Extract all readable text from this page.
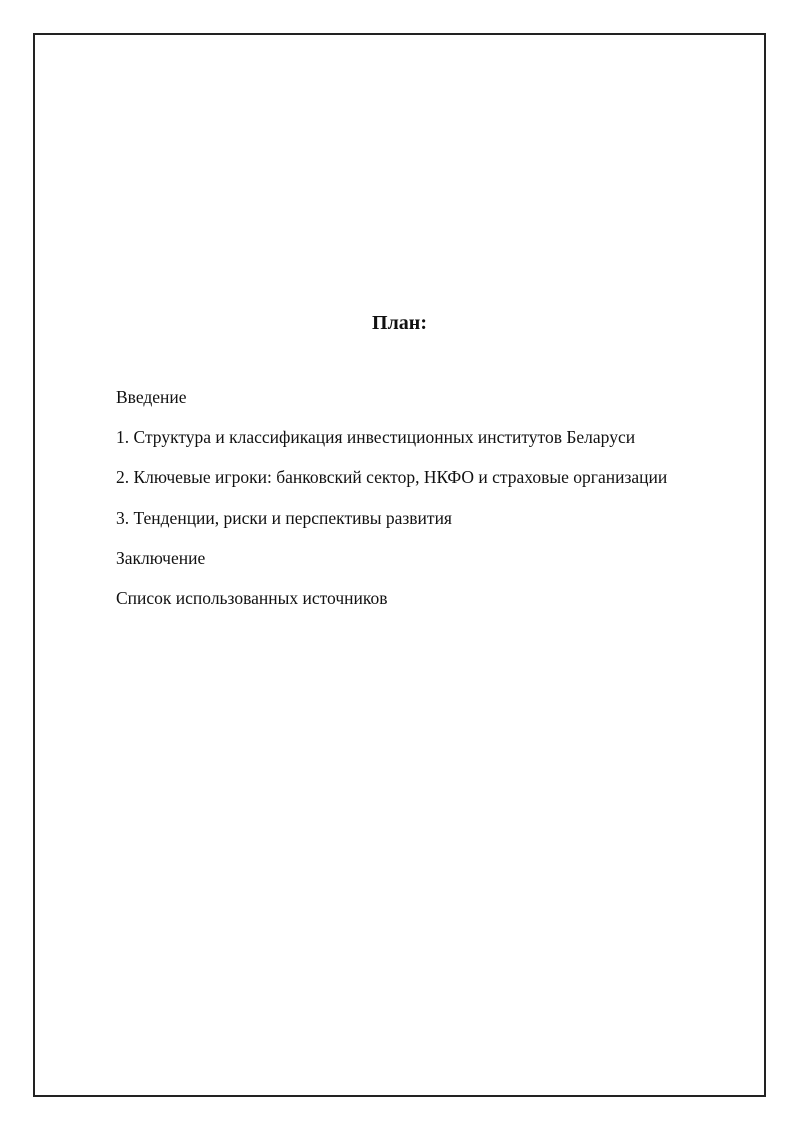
План:
Введение
1. Структура и классификация инвестиционных институтов Беларуси
2. Ключевые игроки: банковский сектор, НКФО и страховые организации
3. Тенденции, риски и перспективы развития
Заключение
Список использованных источников
